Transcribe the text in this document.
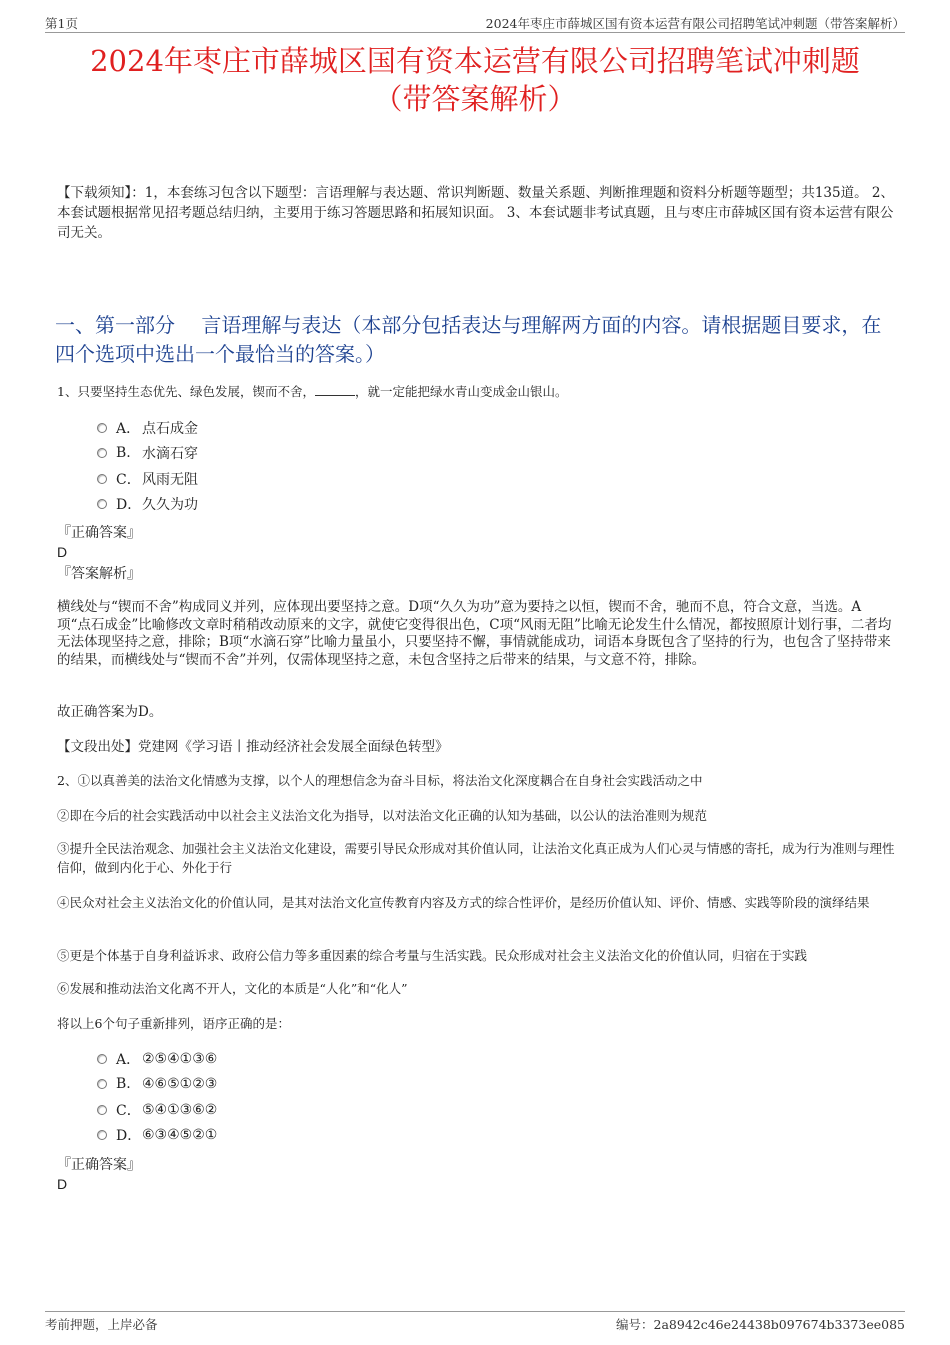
第1页	2024年枣庄市薛城区国有资本运营有限公司招聘笔试冲刺题（带答案解析）
2024年枣庄市薛城区国有资本运营有限公司招聘笔试冲刺题
（带答案解析）
【下载须知】：1，本套练习包含以下题型：言语理解与表达题、常识判断题、数量关系题、判断推理题和资料分析题等题型；共135道。 2、本套试题根据常见招考题总结归纳，主要用于练习答题思路和拓展知识面。 3、本套试题非考试真题，且与枣庄市薛城区国有资本运营有限公司无关。
一、第一部分　 言语理解与表达（本部分包括表达与理解两方面的内容。请根据题目要求，在四个选项中选出一个最恰当的答案。）
1、只要坚持生态优先、绿色发展，锲而不舍，	，就一定能把绿水青山变成金山银山。
A． 点石成金
B. 水滴石穿
C． 风雨无阻
D． 久久为功
『正确答案』
D
『答案解析』
横线处与“锲而不舍”构成同义并列，应体现出要坚持之意。D项“久久为功”意为要持之以恒，锲而不舍，驰而不息，符合文意，当选。A项“点石成金”比喻修改文章时稍稍改动原来的文字，就使它变得很出色，C项“风雨无阻”比喻无论发生什么情况，都按照原计划行事，二者均无法体现坚持之意，排除；B项“水滴石穿”比喻力量虽小，只要坚持不懈，事情就能成功，词语本身既包含了坚持的行为，也包含了坚持带来的结果，而横线处与“锲而不舍”并列，仅需体现坚持之意，未包含坚持之后带来的结果，与文意不符，排除。
故正确答案为D。
【文段出处】党建网《学习语丨推动经济社会发展全面绿色转型》
2、①以真善美的法治文化情感为支撑，以个人的理想信念为奋斗目标，将法治文化深度耦合在自身社会实践活动之中
②即在今后的社会实践活动中以社会主义法治文化为指导，以对法治文化正确的认知为基础，以公认的法治准则为规范
③提升全民法治观念、加强社会主义法治文化建设，需要引导民众形成对其价值认同，让法治文化真正成为人们心灵与情感的寄托，成为行为准则与理性信仰，做到内化于心、外化于行
④民众对社会主义法治文化的价值认同，是其对法治文化宣传教育内容及方式的综合性评价，是经历价值认知、评价、情感、实践等阶段的演绎结果
⑤更是个体基于自身利益诉求、政府公信力等多重因素的综合考量与生活实践。民众形成对社会主义法治文化的价值认同，归宿在于实践
⑥发展和推动法治文化离不开人，文化的本质是“人化”和“化人”
将以上6个句子重新排列，语序正确的是：
A． ②⑤④①③⑥
B. ④⑥⑤①②③
C． ⑤④①③⑥②
D． ⑥③④⑤②①
『正确答案』
D
考前押题，上岸必备	编号：2a8942c46e24438b097674b3373ee085
